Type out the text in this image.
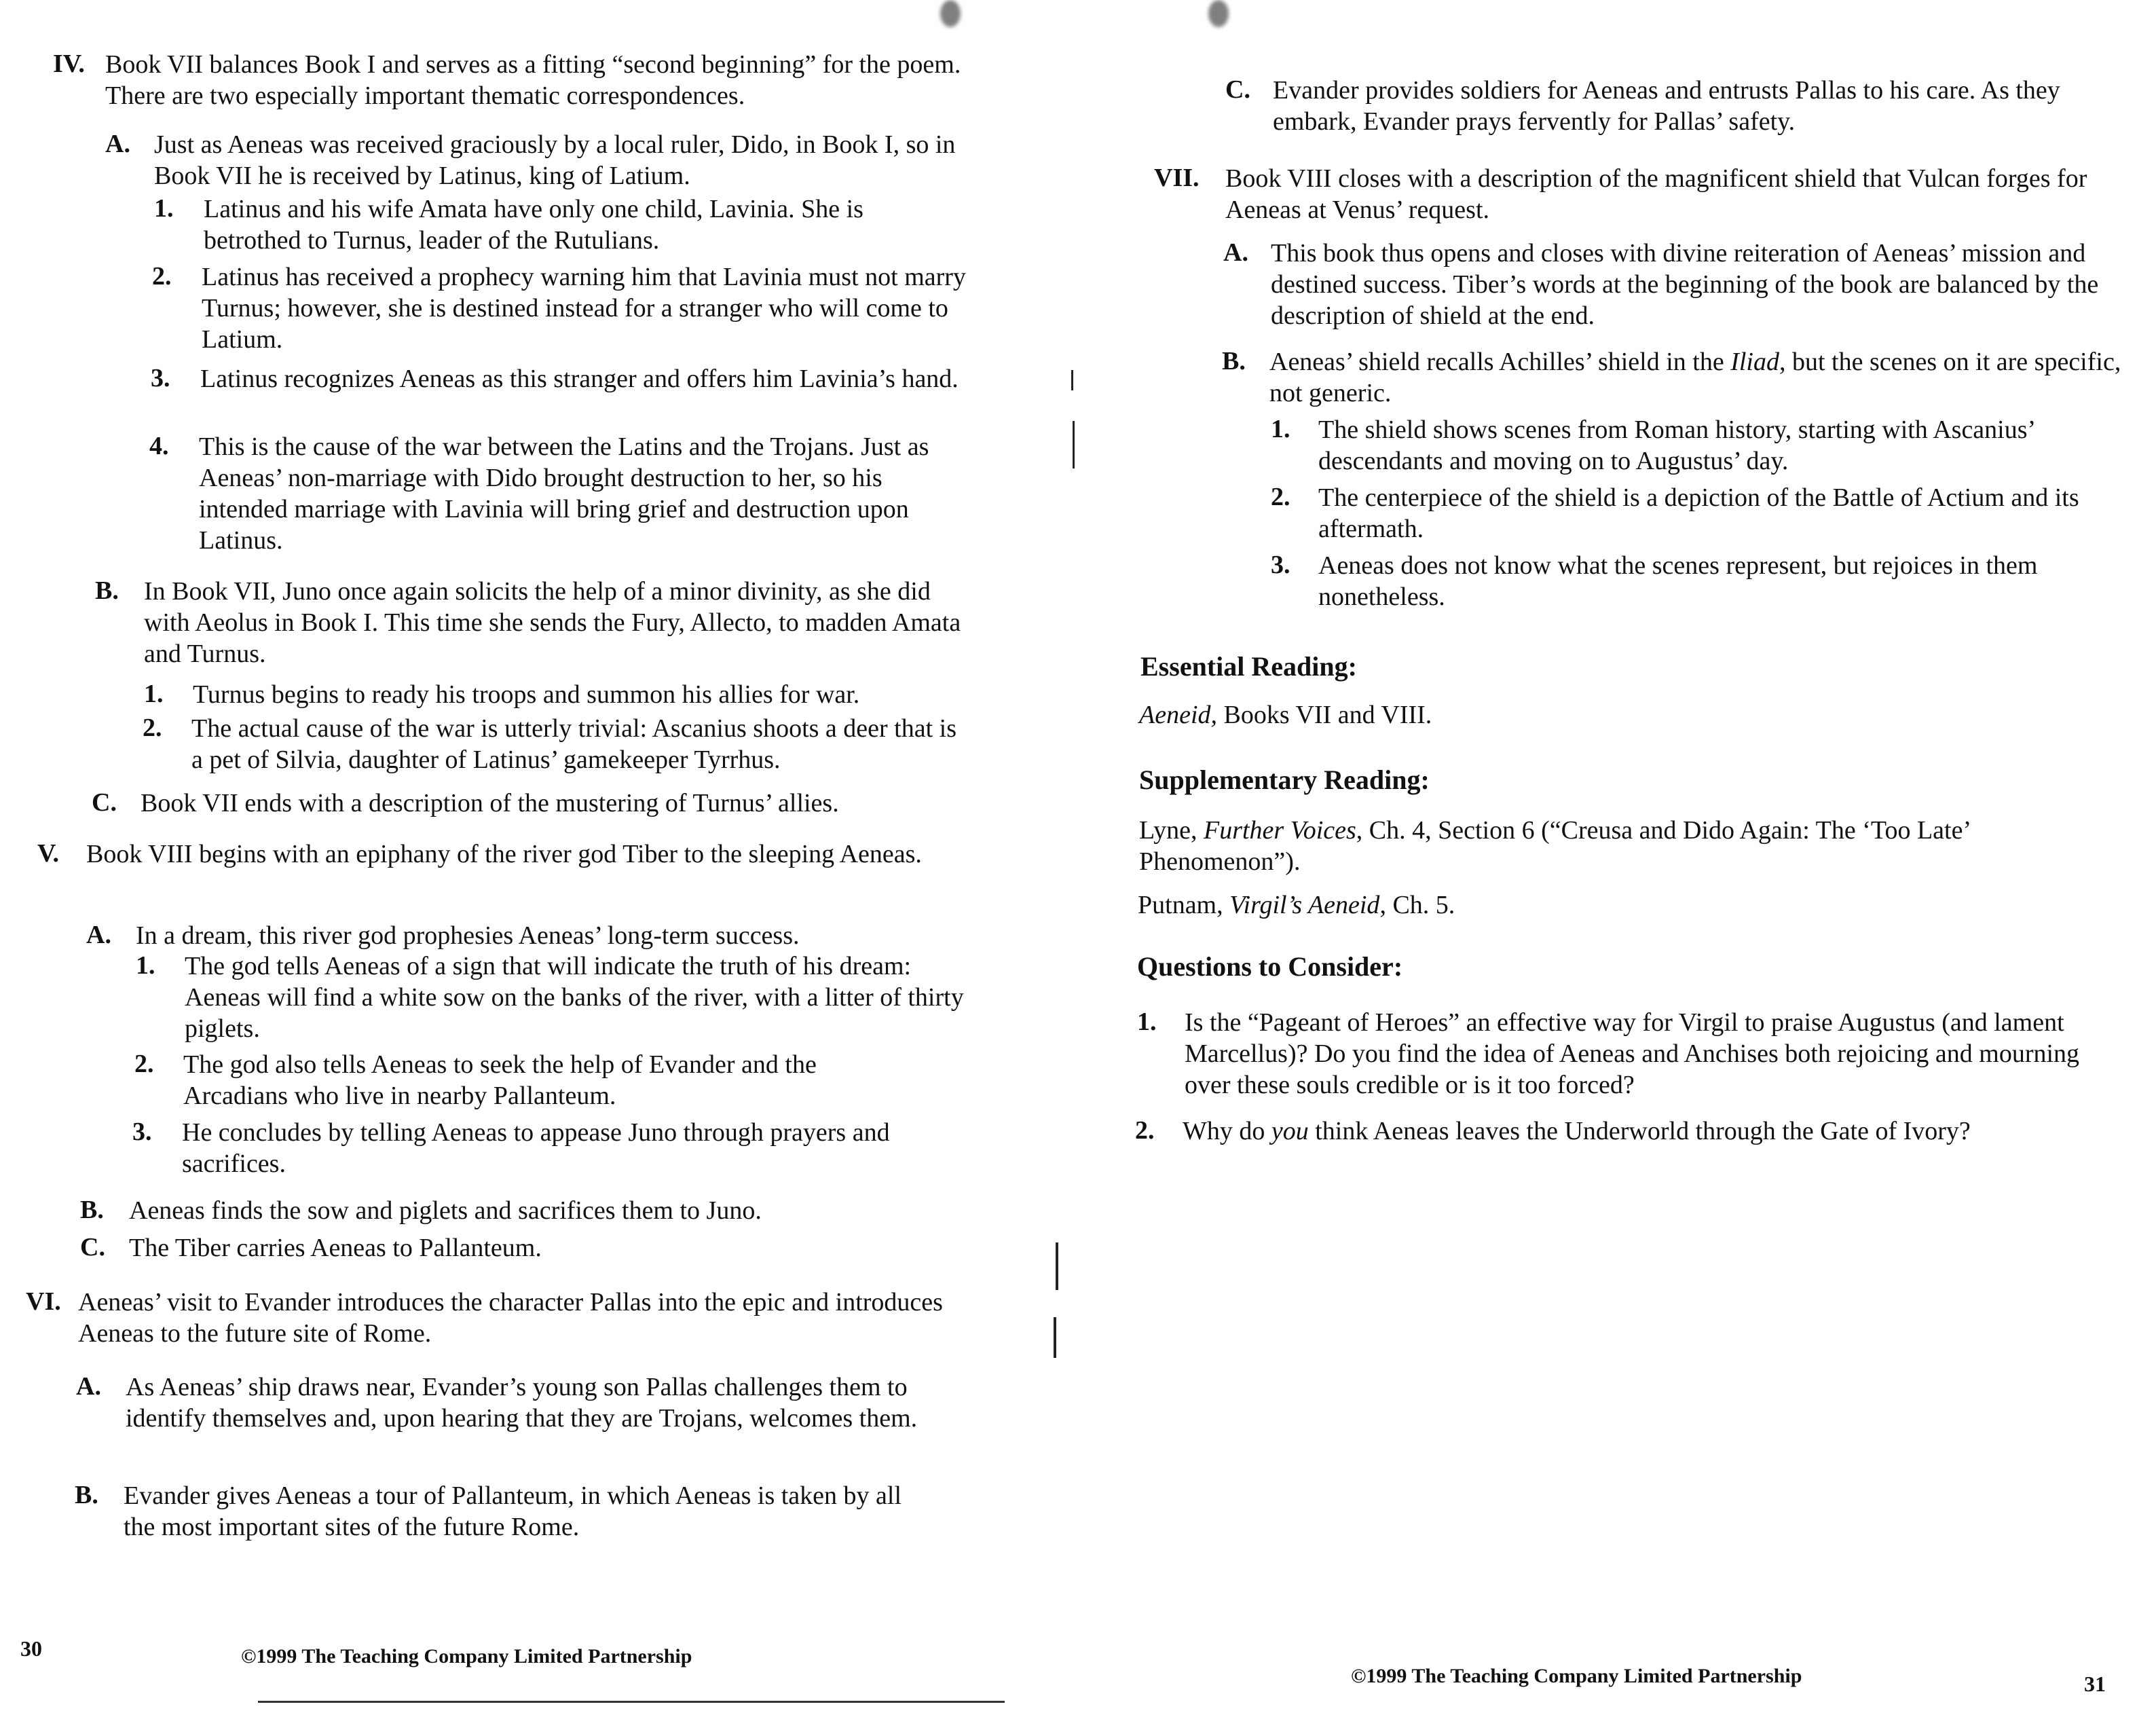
IV. Book VII balances Book I and serves as a fitting “second beginning” for the poem. There are two especially important thematic correspondences.
A. Just as Aeneas was received graciously by a local ruler, Dido, in Book I, so in Book VII he is received by Latinus, king of Latium.
1. Latinus and his wife Amata have only one child, Lavinia. She is betrothed to Turnus, leader of the Rutulians.
2. Latinus has received a prophecy warning him that Lavinia must not marry Turnus; however, she is destined instead for a stranger who will come to Latium.
3. Latinus recognizes Aeneas as this stranger and offers him Lavinia’s hand.
4. This is the cause of the war between the Latins and the Trojans. Just as Aeneas’ non-marriage with Dido brought destruction to her, so his intended marriage with Lavinia will bring grief and destruction upon Latinus.
B. In Book VII, Juno once again solicits the help of a minor divinity, as she did with Aeolus in Book I. This time she sends the Fury, Allecto, to madden Amata and Turnus.
1. Turnus begins to ready his troops and summon his allies for war.
2. The actual cause of the war is utterly trivial: Ascanius shoots a deer that is a pet of Silvia, daughter of Latinus’ gamekeeper Tyrrhus.
C. Book VII ends with a description of the mustering of Turnus’ allies.
V. Book VIII begins with an epiphany of the river god Tiber to the sleeping Aeneas.
A. In a dream, this river god prophesies Aeneas’ long-term success.
1. The god tells Aeneas of a sign that will indicate the truth of his dream: Aeneas will find a white sow on the banks of the river, with a litter of thirty piglets.
2. The god also tells Aeneas to seek the help of Evander and the Arcadians who live in nearby Pallanteum.
3. He concludes by telling Aeneas to appease Juno through prayers and sacrifices.
B. Aeneas finds the sow and piglets and sacrifices them to Juno.
C. The Tiber carries Aeneas to Pallanteum.
VI. Aeneas’ visit to Evander introduces the character Pallas into the epic and introduces Aeneas to the future site of Rome.
A. As Aeneas’ ship draws near, Evander’s young son Pallas challenges them to identify themselves and, upon hearing that they are Trojans, welcomes them.
B. Evander gives Aeneas a tour of Pallanteum, in which Aeneas is taken by all the most important sites of the future Rome.
30	©1999 The Teaching Company Limited Partnership
C. Evander provides soldiers for Aeneas and entrusts Pallas to his care. As they embark, Evander prays fervently for Pallas’ safety.
VII. Book VIII closes with a description of the magnificent shield that Vulcan forges for Aeneas at Venus’ request.
A. This book thus opens and closes with divine reiteration of Aeneas’ mission and destined success. Tiber’s words at the beginning of the book are balanced by the description of shield at the end.
B. Aeneas’ shield recalls Achilles’ shield in the Iliad, but the scenes on it are specific, not generic.
1. The shield shows scenes from Roman history, starting with Ascanius’ descendants and moving on to Augustus’ day.
2. The centerpiece of the shield is a depiction of the Battle of Actium and its aftermath.
3. Aeneas does not know what the scenes represent, but rejoices in them nonetheless.
Essential Reading:
Aeneid, Books VII and VIII.
Supplementary Reading:
Lyne, Further Voices, Ch. 4, Section 6 (“Creusa and Dido Again: The ‘Too Late’ Phenomenon”).
Putnam, Virgil’s Aeneid, Ch. 5.
Questions to Consider:
1. Is the “Pageant of Heroes” an effective way for Virgil to praise Augustus (and lament Marcellus)? Do you find the idea of Aeneas and Anchises both rejoicing and mourning over these souls credible or is it too forced?
2. Why do you think Aeneas leaves the Underworld through the Gate of Ivory?
©1999 The Teaching Company Limited Partnership	31
